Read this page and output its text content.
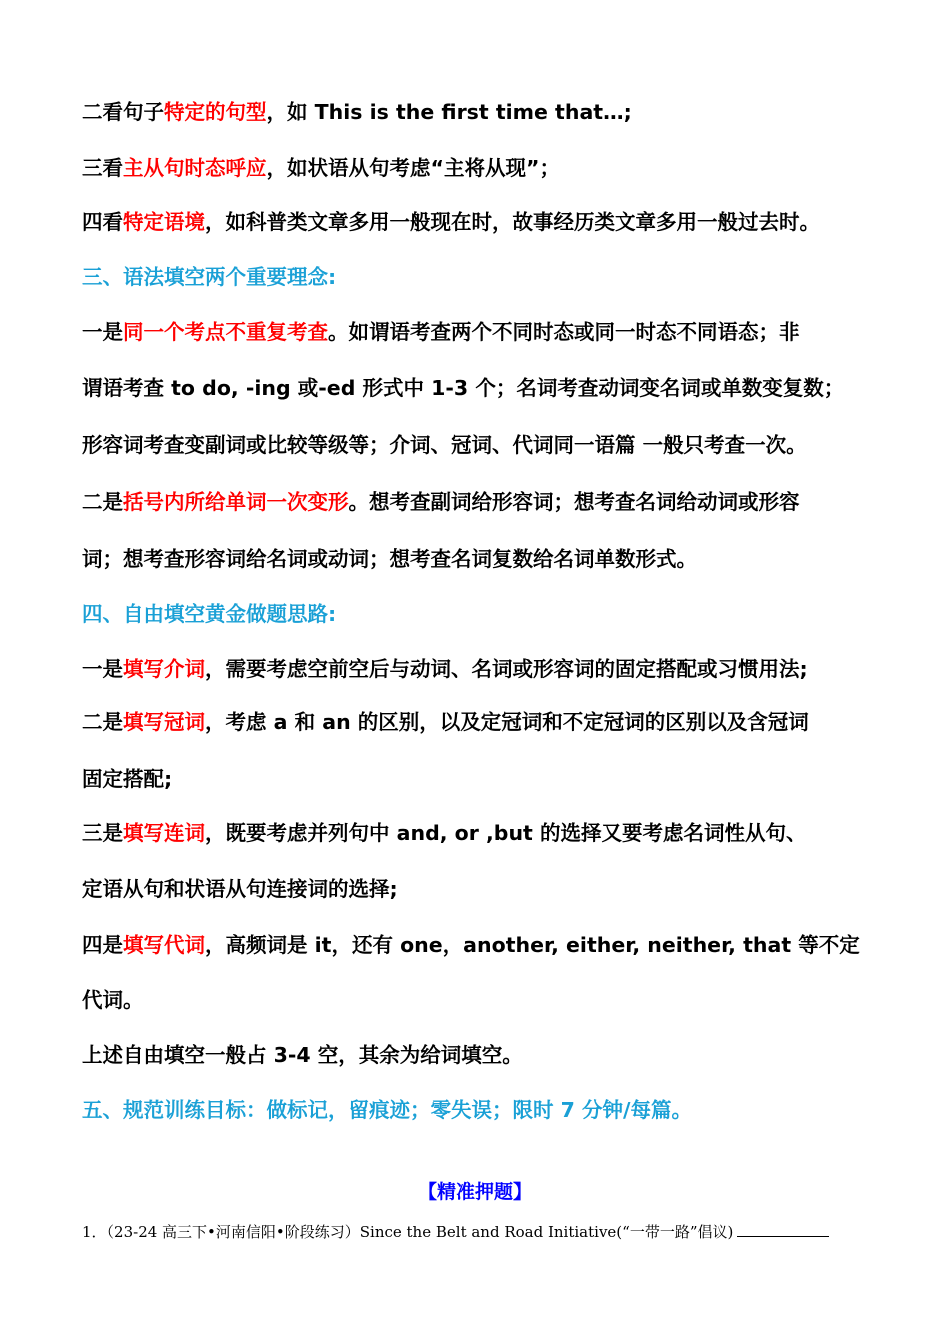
二看句子特定的句型，如 This is the first time that…;
三看主从句时态呼应，如状语从句考虑“主将从现”；
四看特定语境，如科普类文章多用一般现在时，故事经历类文章多用一般过去时。
三、语法填空两个重要理念:
一是同一个考点不重复考查。如谓语考查两个不同时态或同一时态不同语态；非
谓语考查 to do, -ing 或-ed 形式中 1-3 个；名词考查动词变名词或单数变复数；
形容词考查变副词或比较等级等；介词、冠词、代词同一语篇 一般只考查一次。
二是括号内所给单词一次变形。想考查副词给形容词；想考查名词给动词或形容
词；想考查形容词给名词或动词；想考查名词复数给名词单数形式。
四、自由填空黄金做题思路:
一是填写介词，需要考虑空前空后与动词、名词或形容词的固定搭配或习惯用法;
二是填写冠词，考虑 a 和 an 的区别，以及定冠词和不定冠词的区别以及含冠词
固定搭配;
三是填写连词，既要考虑并列句中 and, or ,but 的选择又要考虑名词性从句、
定语从句和状语从句连接词的选择;
四是填写代词，高频词是 it，还有 one，another, either, neither, that 等不定
代词。
上述自由填空一般占 3-4 空，其余为给词填空。
五、规范训练目标：做标记，留痕迹；零失误；限时 7 分钟/每篇。
【精准押题】
1．（23-24 高三下•河南信阳•阶段练习）Since the Belt and Road Initiative(“一带一路”倡议)
